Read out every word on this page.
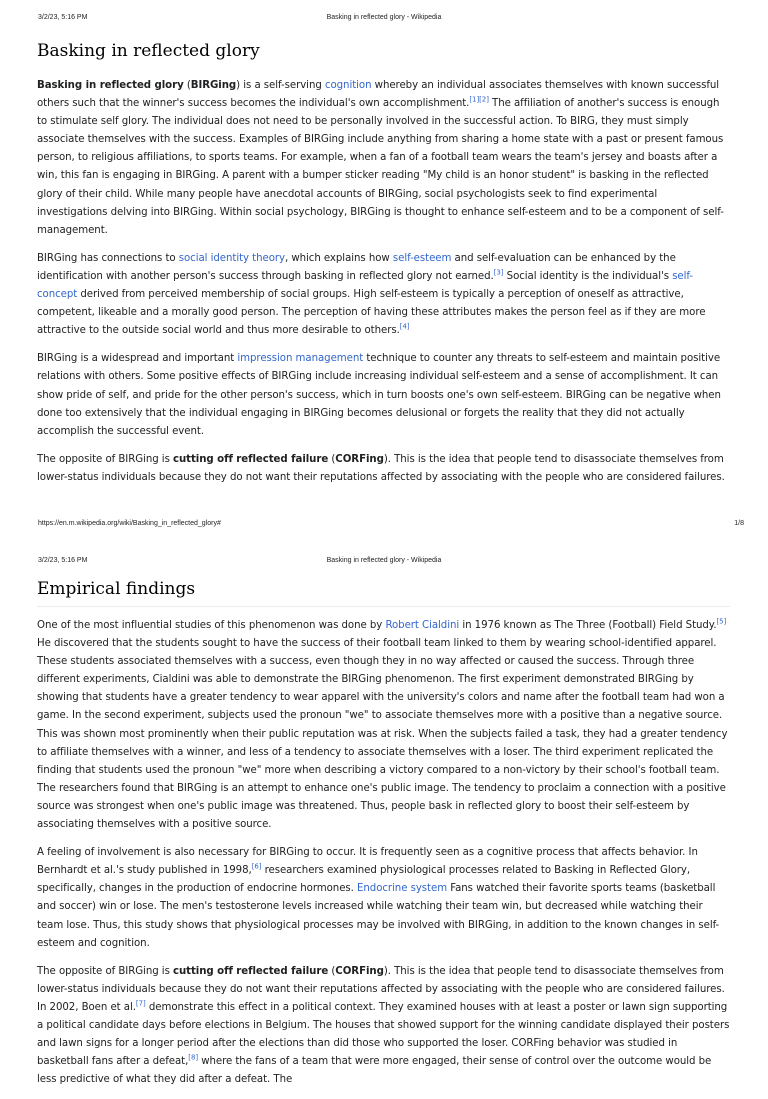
3/2/23, 5:16 PM	Basking in reflected glory - Wikipedia
Basking in reflected glory

Basking in reflected glory (BIRGing) is a self-serving cognition whereby an individual associates themselves with known successful others such that the winner's success becomes the individual's own accomplishment.[1][2] The affiliation of another's success is enough to stimulate self glory. The individual does not need to be personally involved in the successful action. To BIRG, they must simply associate themselves with the success. Examples of BIRGing include anything from sharing a home state with a past or present famous person, to religious affiliations, to sports teams. For example, when a fan of a football team wears the team's jersey and boasts after a win, this fan is engaging in BIRGing. A parent with a bumper sticker reading "My child is an honor student" is basking in the reflected glory of their child. While many people have anecdotal accounts of BIRGing, social psychologists seek to find experimental investigations delving into BIRGing. Within social psychology, BIRGing is thought to enhance self-esteem and to be a component of self-management.

BIRGing has connections to social identity theory, which explains how self-esteem and self-evaluation can be enhanced by the identification with another person's success through basking in reflected glory not earned.[3] Social identity is the individual's self-concept derived from perceived membership of social groups. High self-esteem is typically a perception of oneself as attractive, competent, likeable and a morally good person. The perception of having these attributes makes the person feel as if they are more attractive to the outside social world and thus more desirable to others.[4]

BIRGing is a widespread and important impression management technique to counter any threats to self-esteem and maintain positive relations with others. Some positive effects of BIRGing include increasing individual self-esteem and a sense of accomplishment. It can show pride of self, and pride for the other person's success, which in turn boosts one's own self-esteem. BIRGing can be negative when done too extensively that the individual engaging in BIRGing becomes delusional or forgets the reality that they did not actually accomplish the successful event.

The opposite of BIRGing is cutting off reflected failure (CORFing). This is the idea that people tend to disassociate themselves from lower-status individuals because they do not want their reputations affected by associating with the people who are considered failures.

https://en.m.wikipedia.org/wiki/Basking_in_reflected_glory#	1/8
3/2/23, 5:16 PM	Basking in reflected glory - Wikipedia
Empirical findings

One of the most influential studies of this phenomenon was done by Robert Cialdini in 1976 known as The Three (Football) Field Study.[5] He discovered that the students sought to have the success of their football team linked to them by wearing school-identified apparel. These students associated themselves with a success, even though they in no way affected or caused the success. Through three different experiments, Cialdini was able to demonstrate the BIRGing phenomenon. The first experiment demonstrated BIRGing by showing that students have a greater tendency to wear apparel with the university's colors and name after the football team had won a game. In the second experiment, subjects used the pronoun "we" to associate themselves more with a positive than a negative source. This was shown most prominently when their public reputation was at risk. When the subjects failed a task, they had a greater tendency to affiliate themselves with a winner, and less of a tendency to associate themselves with a loser. The third experiment replicated the finding that students used the pronoun "we" more when describing a victory compared to a non-victory by their school's football team. The researchers found that BIRGing is an attempt to enhance one's public image. The tendency to proclaim a connection with a positive source was strongest when one's public image was threatened. Thus, people bask in reflected glory to boost their self-esteem by associating themselves with a positive source.

A feeling of involvement is also necessary for BIRGing to occur. It is frequently seen as a cognitive process that affects behavior. In Bernhardt et al.'s study published in 1998,[6] researchers examined physiological processes related to Basking in Reflected Glory, specifically, changes in the production of endocrine hormones. Endocrine system Fans watched their favorite sports teams (basketball and soccer) win or lose. The men's testosterone levels increased while watching their team win, but decreased while watching their team lose. Thus, this study shows that physiological processes may be involved with BIRGing, in addition to the known changes in self-esteem and cognition.

The opposite of BIRGing is cutting off reflected failure (CORFing). This is the idea that people tend to disassociate themselves from lower-status individuals because they do not want their reputations affected by associating with the people who are considered failures. In 2002, Boen et al.[7] demonstrate this effect in a political context. They examined houses with at least a poster or lawn sign supporting a political candidate days before elections in Belgium. The houses that showed support for the winning candidate displayed their posters and lawn signs for a longer period after the elections than did those who supported the loser. CORFing behavior was studied in basketball fans after a defeat,[8] where the fans of a team that were more engaged, their sense of control over the outcome would be less predictive of what they did after a defeat. The
